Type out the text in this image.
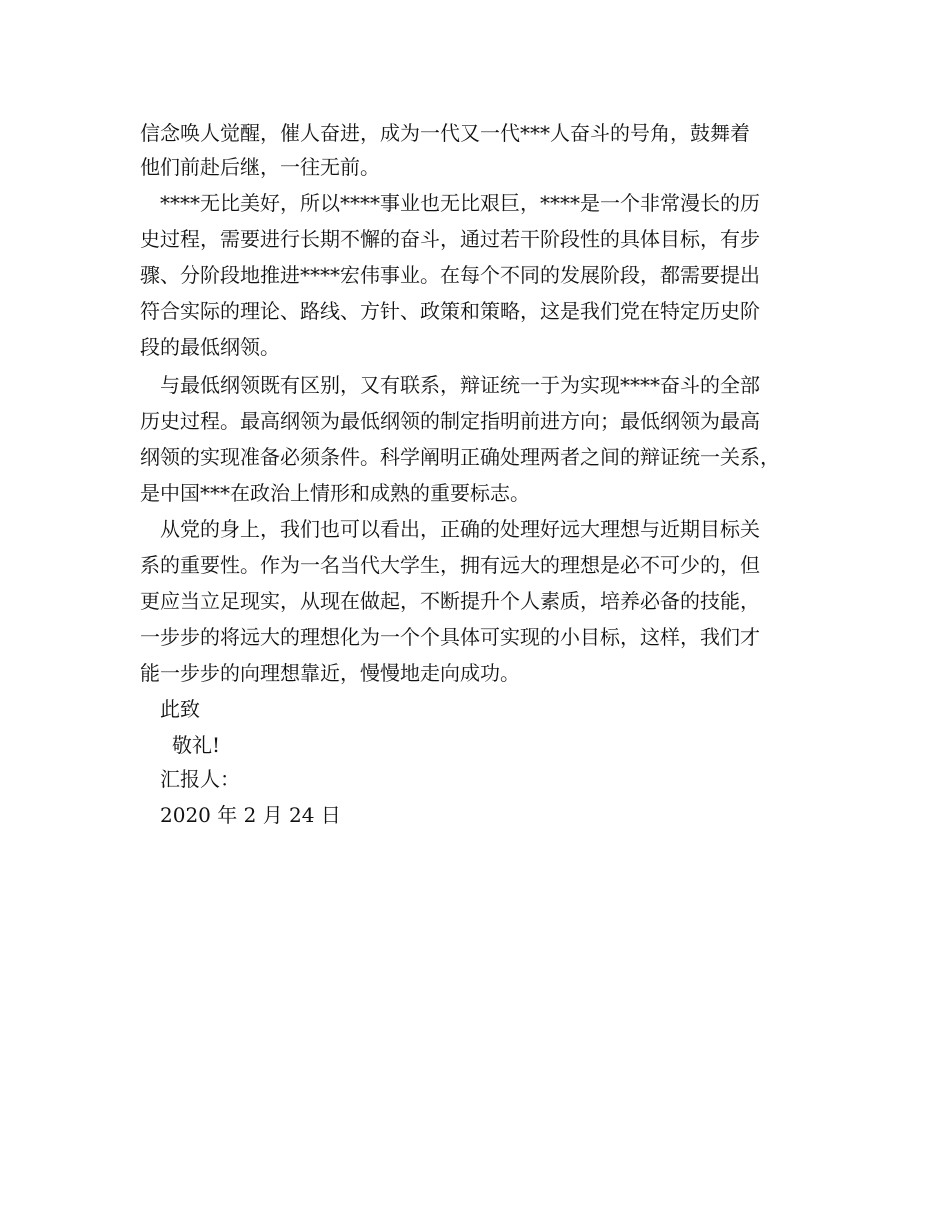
信念唤人觉醒，催人奋进，成为一代又一代***人奋斗的号角，鼓舞着
他们前赴后继，一往无前。
****无比美好，所以****事业也无比艰巨，****是一个非常漫长的历
史过程，需要进行长期不懈的奋斗，通过若干阶段性的具体目标，有步
骤、分阶段地推进****宏伟事业。在每个不同的发展阶段，都需要提出
符合实际的理论、路线、方针、政策和策略，这是我们党在特定历史阶
段的最低纲领。
与最低纲领既有区别，又有联系，辩证统一于为实现****奋斗的全部
历史过程。最高纲领为最低纲领的制定指明前进方向；最低纲领为最高
纲领的实现准备必须条件。科学阐明正确处理两者之间的辩证统一关系，
是中国***在政治上情形和成熟的重要标志。
从党的身上，我们也可以看出，正确的处理好远大理想与近期目标关
系的重要性。作为一名当代大学生，拥有远大的理想是必不可少的，但
更应当立足现实，从现在做起，不断提升个人素质，培养必备的技能，
一步步的将远大的理想化为一个个具体可实现的小目标，这样，我们才
能一步步的向理想靠近，慢慢地走向成功。
此致
敬礼!
汇报人：
2020 年 2 月 24 日
